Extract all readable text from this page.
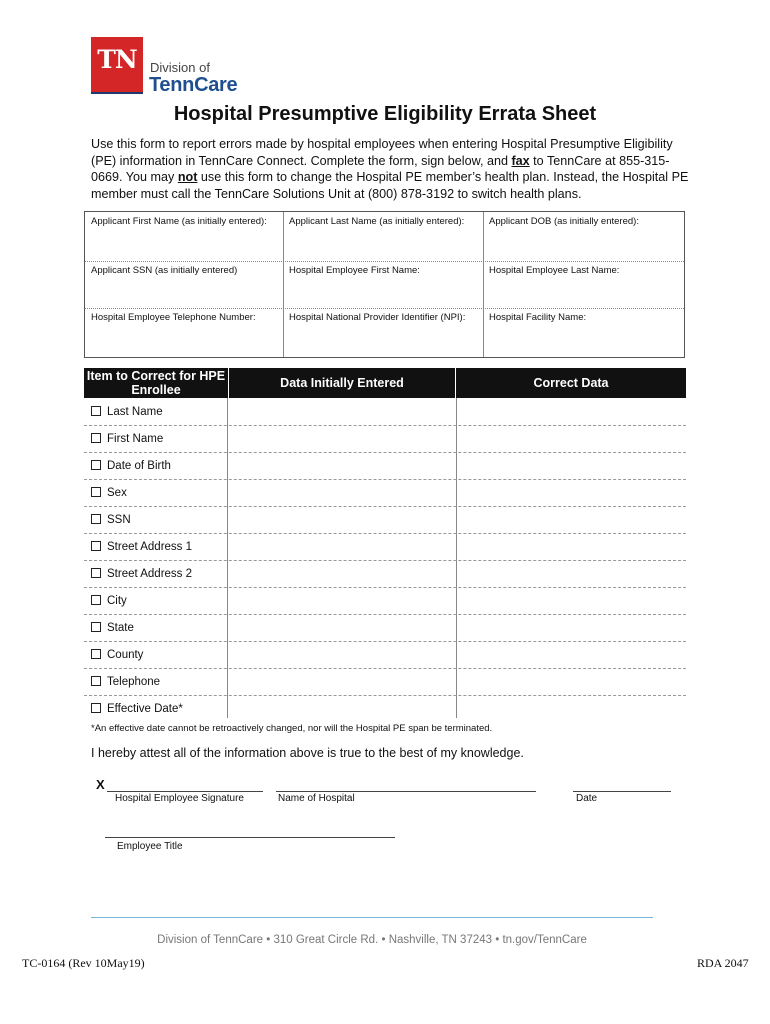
TN	Division of
TennCare
Hospital Presumptive Eligibility Errata Sheet
Use this form to report errors made by hospital employees when entering Hospital Presumptive Eligibility (PE) information in TennCare Connect. Complete the form, sign below, and fax to TennCare at 855-315-0669. You may not use this form to change the Hospital PE member’s health plan. Instead, the Hospital PE member must call the TennCare Solutions Unit at (800) 878-3192 to switch health plans.
Applicant First Name (as initially entered):	Applicant Last Name (as initially entered):	Applicant DOB (as initially entered):
Applicant SSN (as initially entered)	Hospital Employee First Name:	Hospital Employee Last Name:
Hospital Employee Telephone Number:	Hospital National Provider Identifier (NPI):	Hospital Facility Name:
Item to Correct for HPE Enrollee	Data Initially Entered	Correct Data
Last Name
First Name
Date of Birth
Sex
SSN
Street Address 1
Street Address 2
City
State
County
Telephone
Effective Date*
*An effective date cannot be retroactively changed, nor will the Hospital PE span be terminated.
I hereby attest all of the information above is true to the best of my knowledge.
X
Hospital Employee Signature	Name of Hospital	Date
Employee Title
Division of TennCare • 310 Great Circle Rd. • Nashville, TN 37243 • tn.gov/TennCare
TC-0164 (Rev 10May19)	RDA 2047
